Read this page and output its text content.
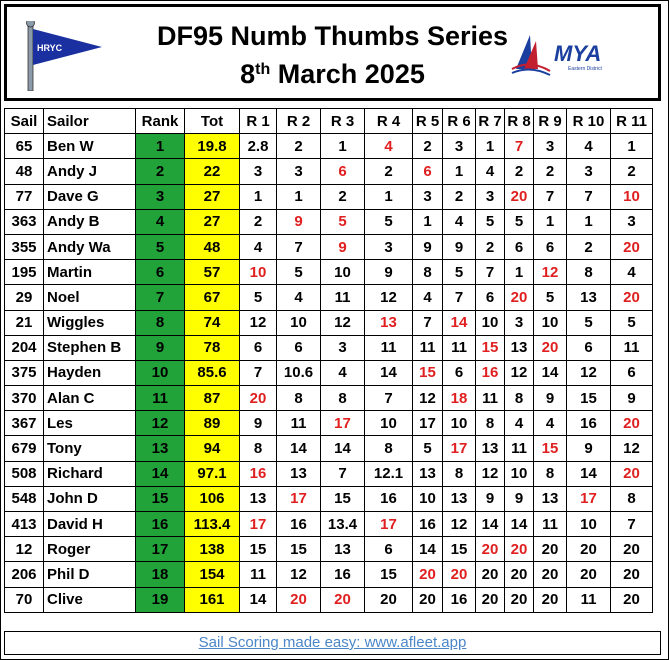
HRYC	DF95 Numb Thumbs Series
8th March 2025
MYA
Eastern District
Sail	Sailor	Rank	Tot	R 1	R 2	R 3	R 4	R 5	R 6	R 7	R 8	R 9	R 10	R 11
65	Ben W	1	19.8	2.8	2	1	4	2	3	1	7	3	4	1
48	Andy J	2	22	3	3	6	2	6	1	4	2	2	3	2
77	Dave G	3	27	1	1	2	1	3	2	3	20	7	7	10
363	Andy B	4	27	2	9	5	5	1	4	5	5	1	1	3
355	Andy Wa	5	48	4	7	9	3	9	9	2	6	6	2	20
195	Martin	6	57	10	5	10	9	8	5	7	1	12	8	4
29	Noel	7	67	5	4	11	12	4	7	6	20	5	13	20
21	Wiggles	8	74	12	10	12	13	7	14	10	3	10	5	5
204	Stephen B	9	78	6	6	3	11	11	11	15	13	20	6	11
375	Hayden	10	85.6	7	10.6	4	14	15	6	16	12	14	12	6
370	Alan C	11	87	20	8	8	7	12	18	11	8	9	15	9
367	Les	12	89	9	11	17	10	17	10	8	4	4	16	20
679	Tony	13	94	8	14	14	8	5	17	13	11	15	9	12
508	Richard	14	97.1	16	13	7	12.1	13	8	12	10	8	14	20
548	John D	15	106	13	17	15	16	10	13	9	9	13	17	8
413	David H	16	113.4	17	16	13.4	17	16	12	14	14	11	10	7
12	Roger	17	138	15	15	13	6	14	15	20	20	20	20	20
206	Phil D	18	154	11	12	16	15	20	20	20	20	20	20	20
70	Clive	19	161	14	20	20	20	20	16	20	20	20	11	20
Sail Scoring made easy: www.afleet.app
